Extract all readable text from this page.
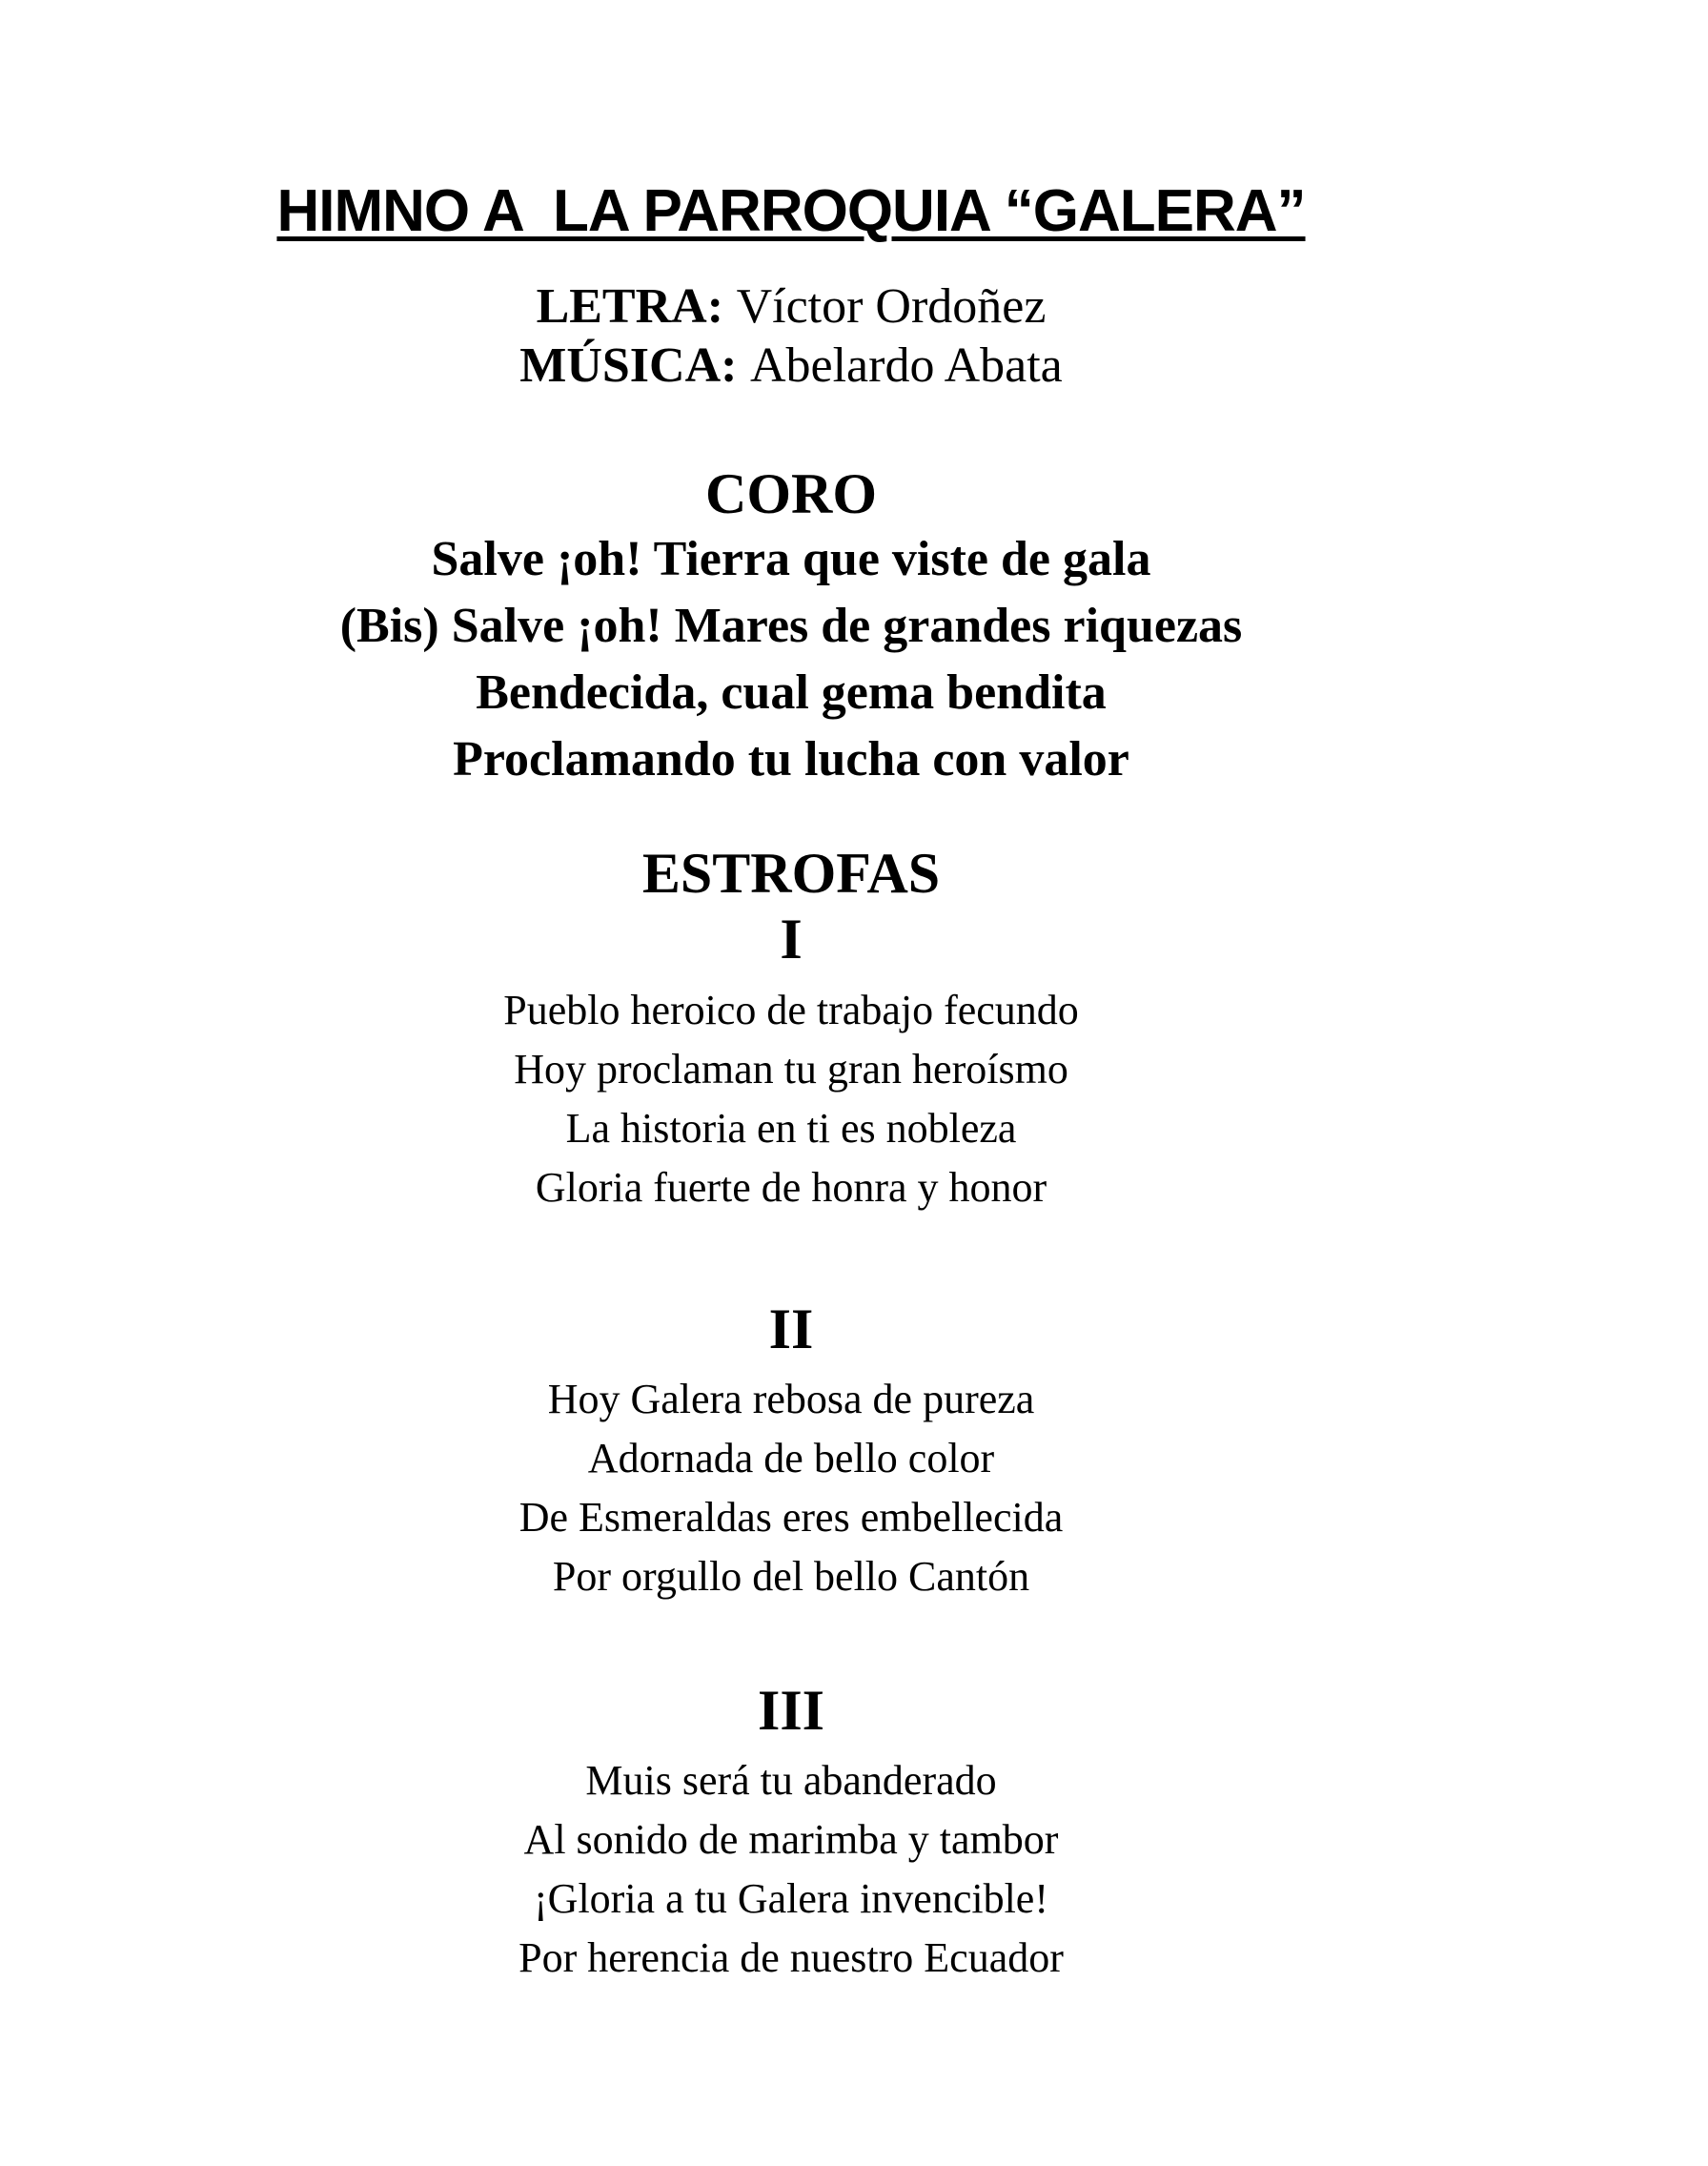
HIMNO A  LA PARROQUIA “GALERA”
LETRA: Víctor Ordoñez
MÚSICA: Abelardo Abata
CORO
Salve ¡oh! Tierra que viste de gala
(Bis) Salve ¡oh! Mares de grandes riquezas
Bendecida, cual gema bendita
Proclamando tu lucha con valor
ESTROFAS
I
Pueblo heroico de trabajo fecundo
Hoy proclaman tu gran heroísmo
La historia en ti es nobleza
Gloria fuerte de honra y honor
II
Hoy Galera rebosa de pureza
Adornada de bello color
De Esmeraldas eres embellecida
Por orgullo del bello Cantón
III
Muis será tu abanderado
Al sonido de marimba y tambor
¡Gloria a tu Galera invencible!
Por herencia de nuestro Ecuador
